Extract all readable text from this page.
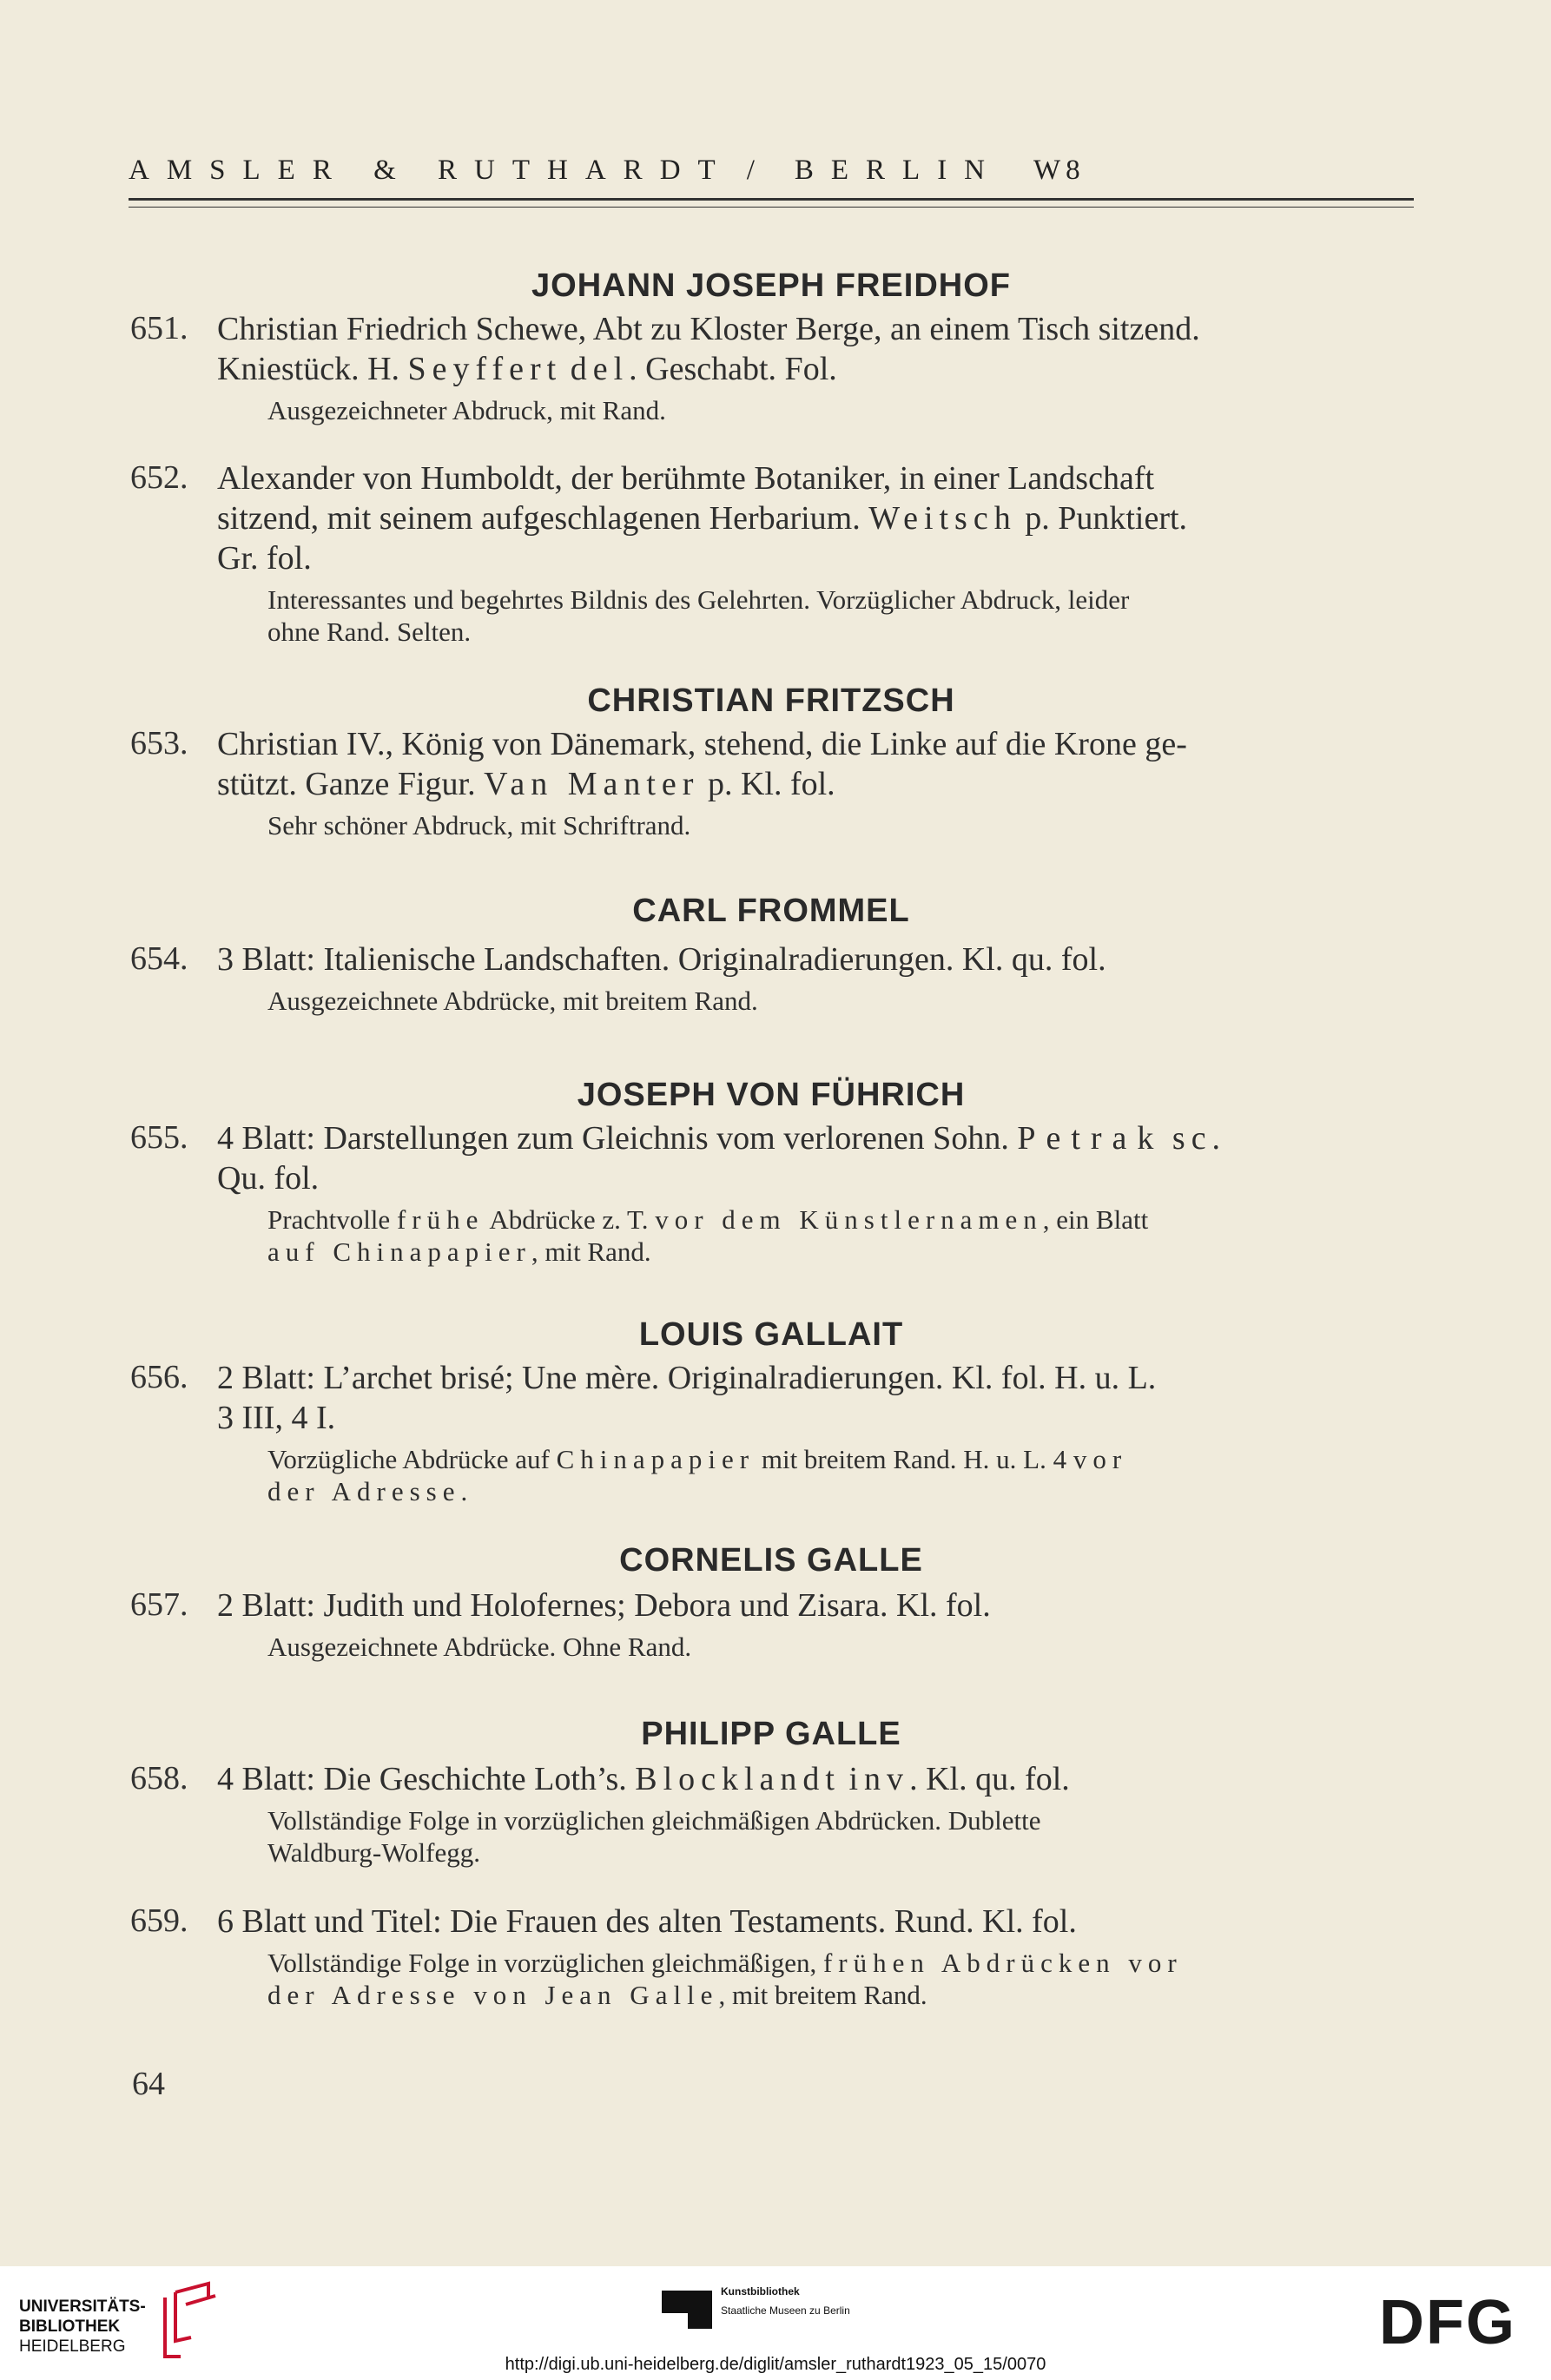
AMSLER & RUTHARDT / BERLIN W8
JOHANN JOSEPH FREIDHOF
651. Christian Friedrich Schewe, Abt zu Kloster Berge, an einem Tisch sitzend.
Kniestück. H. Seyffert del. Geschabt. Fol.
Ausgezeichneter Abdruck, mit Rand.
652. Alexander von Humboldt, der berühmte Botaniker, in einer Landschaft
sitzend, mit seinem aufgeschlagenen Herbarium. Weitsch p. Punktiert.
Gr. fol.
Interessantes und begehrtes Bildnis des Gelehrten. Vorzüglicher Abdruck, leider
ohne Rand. Selten.
CHRISTIAN FRITZSCH
653. Christian IV., König von Dänemark, stehend, die Linke auf die Krone ge-
stützt. Ganze Figur. Van Manter p. Kl. fol.
Sehr schöner Abdruck, mit Schriftrand.
CARL FROMMEL
654. 3 Blatt: Italienische Landschaften. Originalradierungen. Kl. qu. fol.
Ausgezeichnete Abdrücke, mit breitem Rand.
JOSEPH VON FÜHRICH
655. 4 Blatt: Darstellungen zum Gleichnis vom verlorenen Sohn. Petrak sc.
Qu. fol.
Prachtvolle frühe Abdrücke z. T. vor dem Künstlernamen, ein Blatt
auf Chinapapier, mit Rand.
LOUIS GALLAIT
656. 2 Blatt: L’archet brisé; Une mère. Originalradierungen. Kl. fol. H. u. L.
3 III, 4 I.
Vorzügliche Abdrücke auf Chinapapier mit breitem Rand. H. u. L. 4 vor
der Adresse.
CORNELIS GALLE
657. 2 Blatt: Judith und Holofernes; Debora und Zisara. Kl. fol.
Ausgezeichnete Abdrücke. Ohne Rand.
PHILIPP GALLE
658. 4 Blatt: Die Geschichte Loth’s. Blocklandt inv. Kl. qu. fol.
Vollständige Folge in vorzüglichen gleichmäßigen Abdrücken. Dublette
Waldburg-Wolfegg.
659. 6 Blatt und Titel: Die Frauen des alten Testaments. Rund. Kl. fol.
Vollständige Folge in vorzüglichen gleichmäßigen, frühen Abdrücken vor
der Adresse von Jean Galle, mit breitem Rand.
64
UNIVERSITÄTS-
BIBLIOTHEK
HEIDELBERG
Kunstbibliothek
Staatliche Museen zu Berlin	DFG
http://digi.ub.uni-heidelberg.de/diglit/amsler_ruthardt1923_05_15/0070
